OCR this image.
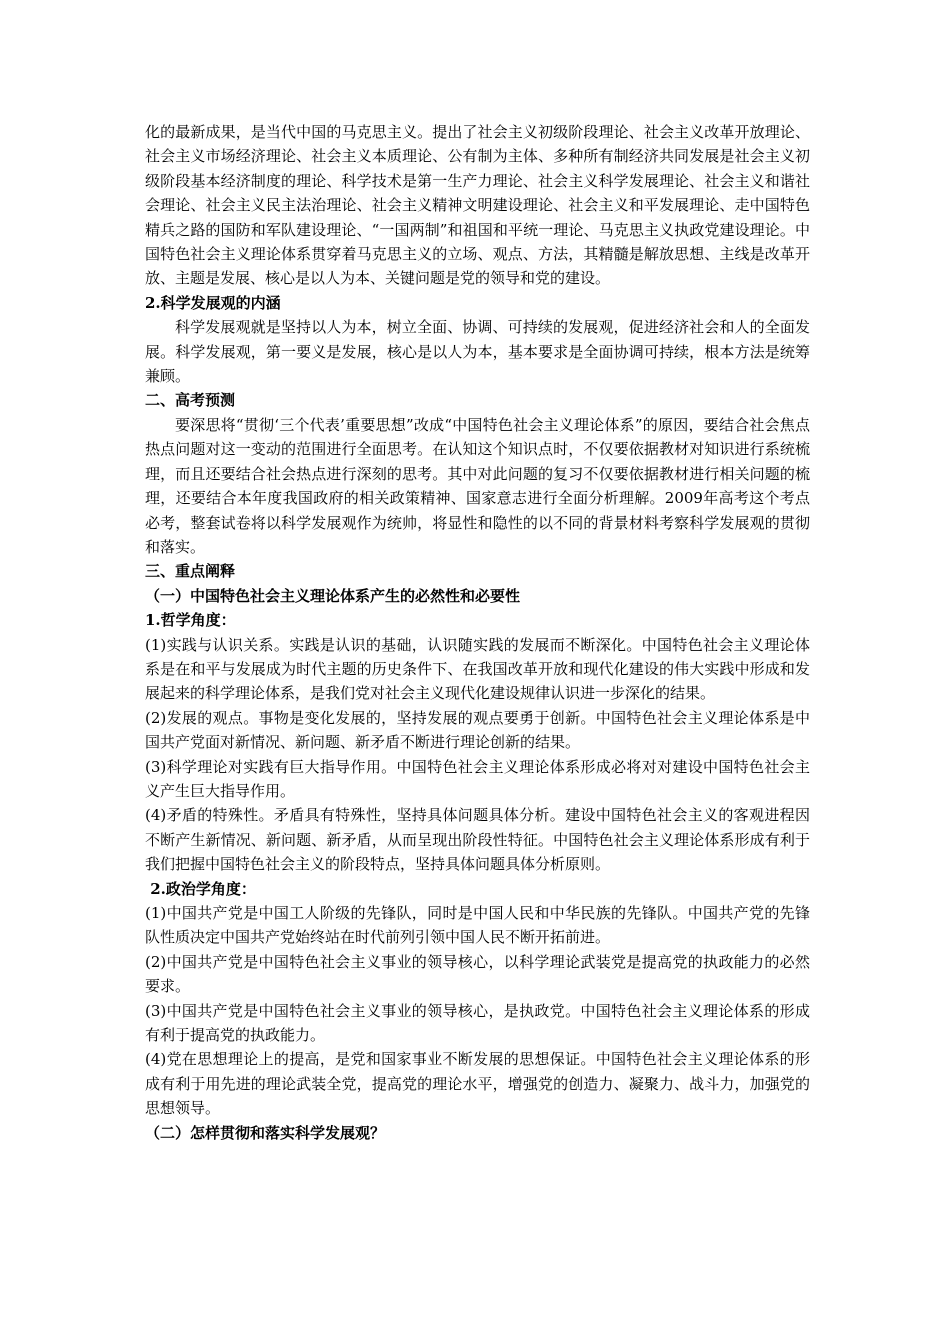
化的最新成果，是当代中国的马克思主义。提出了社会主义初级阶段理论、社会主义改革开放理论、社会主义市场经济理论、社会主义本质理论、公有制为主体、多种所有制经济共同发展是社会主义初级阶段基本经济制度的理论、科学技术是第一生产力理论、社会主义科学发展理论、社会主义和谐社会理论、社会主义民主法治理论、社会主义精神文明建设理论、社会主义和平发展理论、走中国特色精兵之路的国防和军队建设理论、“一国两制”和祖国和平统一理论、马克思主义执政党建设理论。中国特色社会主义理论体系贯穿着马克思主义的立场、观点、方法，其精髓是解放思想、主线是改革开放、主题是发展、核心是以人为本、关键问题是党的领导和党的建设。

2.科学发展观的内涵

科学发展观就是坚持以人为本，树立全面、协调、可持续的发展观，促进经济社会和人的全面发展。科学发展观，第一要义是发展，核心是以人为本，基本要求是全面协调可持续，根本方法是统筹兼顾。

二、高考预测

要深思将“贯彻‘三个代表’重要思想”改成“中国特色社会主义理论体系”的原因，要结合社会焦点热点问题对这一变动的范围进行全面思考。在认知这个知识点时，不仅要依据教材对知识进行系统梳理，而且还要结合社会热点进行深刻的思考。其中对此问题的复习不仅要依据教材进行相关问题的梳理，还要结合本年度我国政府的相关政策精神、国家意志进行全面分析理解。2009年高考这个考点必考，整套试卷将以科学发展观作为统帅，将显性和隐性的以不同的背景材料考察科学发展观的贯彻和落实。

三、重点阐释

（一）中国特色社会主义理论体系产生的必然性和必要性

1.哲学角度：

(1)实践与认识关系。实践是认识的基础，认识随实践的发展而不断深化。中国特色社会主义理论体系是在和平与发展成为时代主题的历史条件下、在我国改革开放和现代化建设的伟大实践中形成和发展起来的科学理论体系，是我们党对社会主义现代化建设规律认识进一步深化的结果。

(2)发展的观点。事物是变化发展的，坚持发展的观点要勇于创新。中国特色社会主义理论体系是中国共产党面对新情况、新问题、新矛盾不断进行理论创新的结果。

(3)科学理论对实践有巨大指导作用。中国特色社会主义理论体系形成必将对对建设中国特色社会主义产生巨大指导作用。

(4)矛盾的特殊性。矛盾具有特殊性，坚持具体问题具体分析。建设中国特色社会主义的客观进程因不断产生新情况、新问题、新矛盾，从而呈现出阶段性特征。中国特色社会主义理论体系形成有利于我们把握中国特色社会主义的阶段特点，坚持具体问题具体分析原则。

2.政治学角度：

(1)中国共产党是中国工人阶级的先锋队，同时是中国人民和中华民族的先锋队。中国共产党的先锋队性质决定中国共产党始终站在时代前列引领中国人民不断开拓前进。

(2)中国共产党是中国特色社会主义事业的领导核心，以科学理论武装党是提高党的执政能力的必然要求。

(3)中国共产党是中国特色社会主义事业的领导核心，是执政党。中国特色社会主义理论体系的形成有利于提高党的执政能力。

(4)党在思想理论上的提高，是党和国家事业不断发展的思想保证。中国特色社会主义理论体系的形成有利于用先进的理论武装全党，提高党的理论水平，增强党的创造力、凝聚力、战斗力，加强党的思想领导。

（二）怎样贯彻和落实科学发展观？
